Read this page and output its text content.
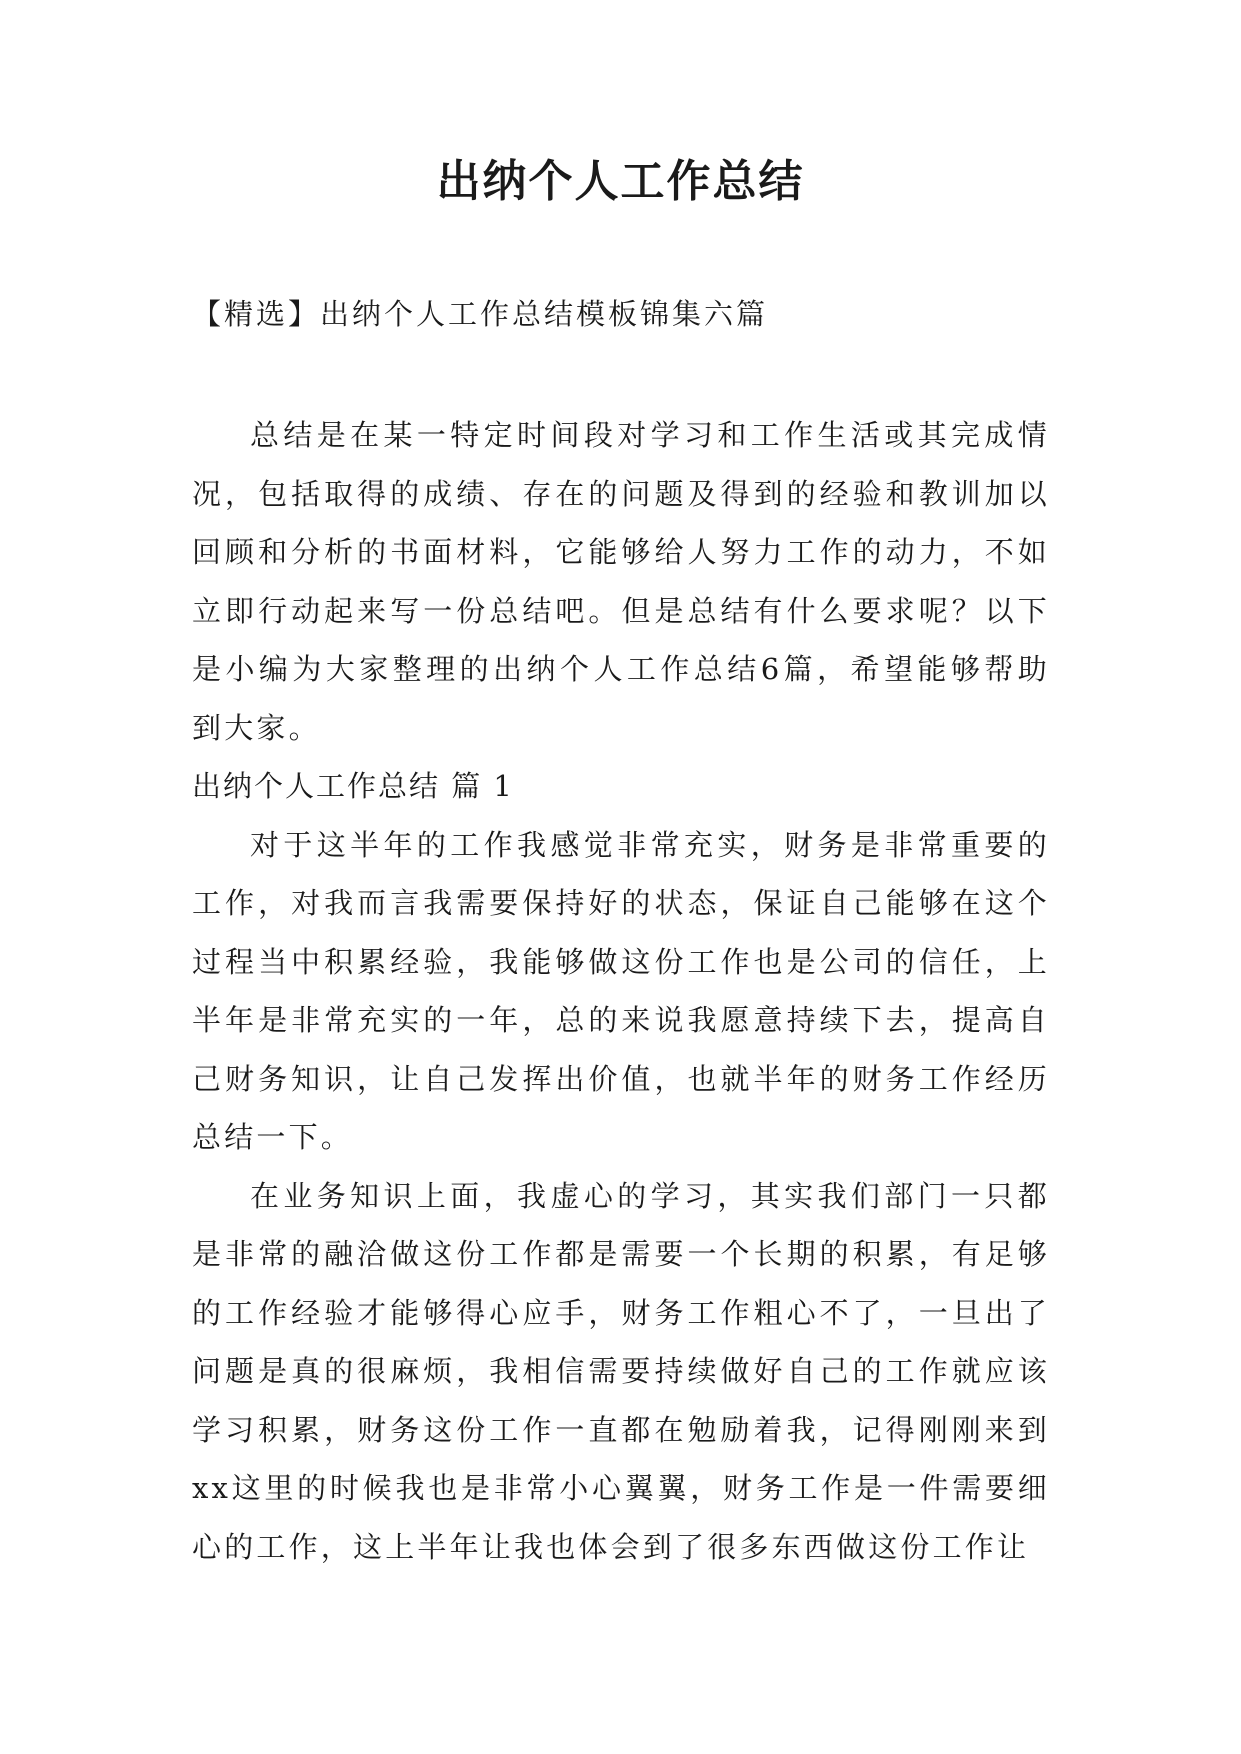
出纳个人工作总结

【精选】出纳个人工作总结模板锦集六篇

总结是在某一特定时间段对学习和工作生活或其完成情况，包括取得的成绩、存在的问题及得到的经验和教训加以回顾和分析的书面材料，它能够给人努力工作的动力，不如立即行动起来写一份总结吧。但是总结有什么要求呢？以下是小编为大家整理的出纳个人工作总结6篇，希望能够帮助到大家。

出纳个人工作总结 篇 1

对于这半年的工作我感觉非常充实，财务是非常重要的工作，对我而言我需要保持好的状态，保证自己能够在这个过程当中积累经验，我能够做这份工作也是公司的信任，上半年是非常充实的一年，总的来说我愿意持续下去，提高自己财务知识，让自己发挥出价值，也就半年的财务工作经历总结一下。

在业务知识上面，我虚心的学习，其实我们部门一只都是非常的融洽做这份工作都是需要一个长期的积累，有足够的工作经验才能够得心应手，财务工作粗心不了，一旦出了问题是真的很麻烦，我相信需要持续做好自己的工作就应该学习积累，财务这份工作一直都在勉励着我，记得刚刚来到xx这里的时候我也是非常小心翼翼，财务工作是一件需要细心的工作，这上半年让我也体会到了很多东西做这份工作让
